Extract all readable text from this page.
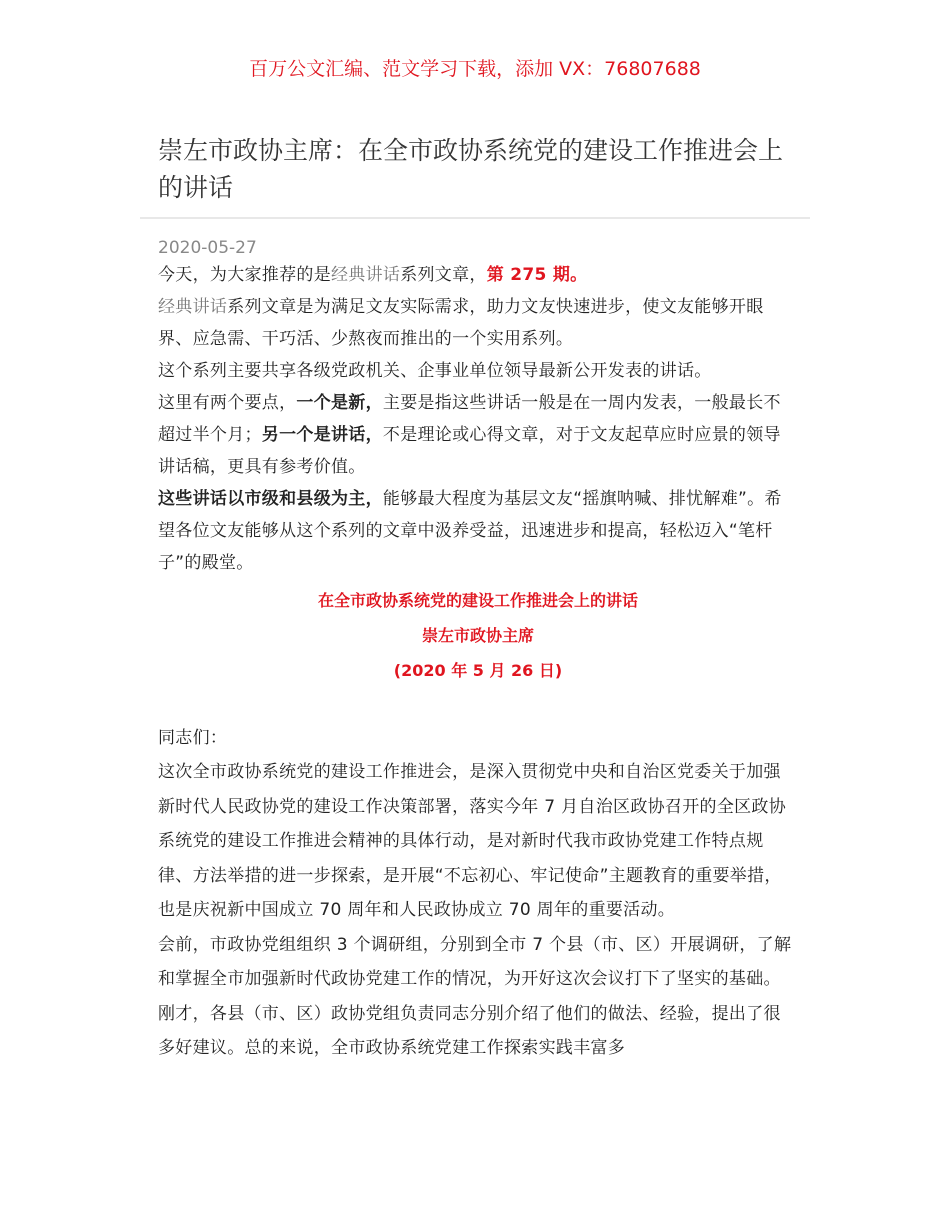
百万公文汇编、范文学习下载，添加 VX：76807688
崇左市政协主席：在全市政协系统党的建设工作推进会上的讲话
2020-05-27

今天，为大家推荐的是经典讲话系列文章，第 275 期。

经典讲话系列文章是为满足文友实际需求，助力文友快速进步，使文友能够开眼界、应急需、干巧活、少熬夜而推出的一个实用系列。

这个系列主要共享各级党政机关、企事业单位领导最新公开发表的讲话。

这里有两个要点，一个是新，主要是指这些讲话一般是在一周内发表，一般最长不超过半个月；另一个是讲话，不是理论或心得文章，对于文友起草应时应景的领导讲话稿，更具有参考价值。

这些讲话以市级和县级为主，能够最大程度为基层文友“摇旗呐喊、排忧解难”。希望各位文友能够从这个系列的文章中汲养受益，迅速进步和提高，轻松迈入“笔杆子”的殿堂。

在全市政协系统党的建设工作推进会上的讲话

崇左市政协主席

(2020 年 5 月 26 日)

同志们：

这次全市政协系统党的建设工作推进会，是深入贯彻党中央和自治区党委关于加强新时代人民政协党的建设工作决策部署，落实今年 7 月自治区政协召开的全区政协系统党的建设工作推进会精神的具体行动，是对新时代我市政协党建工作特点规律、方法举措的进一步探索，是开展“不忘初心、牢记使命”主题教育的重要举措，也是庆祝新中国成立 70 周年和人民政协成立 70 周年的重要活动。

会前，市政协党组组织 3 个调研组，分别到全市 7 个县（市、区）开展调研，了解和掌握全市加强新时代政协党建工作的情况，为开好这次会议打下了坚实的基础。刚才，各县（市、区）政协党组负责同志分别介绍了他们的做法、经验，提出了很多好建议。总的来说，全市政协系统党建工作探索实践丰富多
